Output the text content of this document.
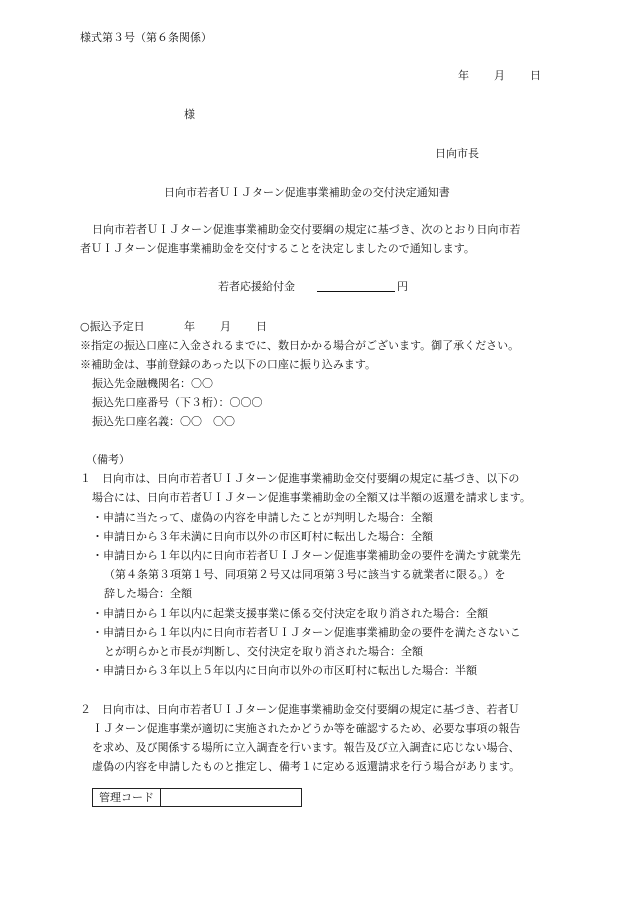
様式第３号（第６条関係）
年 月 日
様
日向市長
日向市若者ＵＩＪターン促進事業補助金の交付決定通知書
日向市若者ＵＩＪターン促進事業補助金交付要綱の規定に基づき、次のとおり日向市若
者ＵＩＪターン促進事業補助金を交付することを決定しましたので通知します。
若者応援給付金	円
○振込予定日	年 月 日
※指定の振込口座に入金されるまでに、数日かかる場合がございます。御了承ください。
※補助金は、事前登録のあった以下の口座に振り込みます。
振込先金融機関名：〇〇
振込先口座番号（下３桁）：〇〇〇
振込先口座名義：〇〇　〇〇
（備考）
１　日向市は、日向市若者ＵＩＪターン促進事業補助金交付要綱の規定に基づき、以下の
場合には、日向市若者ＵＩＪターン促進事業補助金の全額又は半額の返還を請求します。
・申請に当たって、虚偽の内容を申請したことが判明した場合：全額
・申請日から３年未満に日向市以外の市区町村に転出した場合：全額
・申請日から１年以内に日向市若者ＵＩＪターン促進事業補助金の要件を満たす就業先
（第４条第３項第１号、同項第２号又は同項第３号に該当する就業者に限る。）を
辞した場合：全額
・申請日から１年以内に起業支援事業に係る交付決定を取り消された場合：全額
・申請日から１年以内に日向市若者ＵＩＪターン促進事業補助金の要件を満たさないこ
とが明らかと市長が判断し、交付決定を取り消された場合：全額
・申請日から３年以上５年以内に日向市以外の市区町村に転出した場合：半額
２　日向市は、日向市若者ＵＩＪターン促進事業補助金交付要綱の規定に基づき、若者Ｕ
ＩＪターン促進事業が適切に実施されたかどうか等を確認するため、必要な事項の報告
を求め、及び関係する場所に立入調査を行います。報告及び立入調査に応じない場合、
虚偽の内容を申請したものと推定し、備考１に定める返還請求を行う場合があります。
管理コード	
